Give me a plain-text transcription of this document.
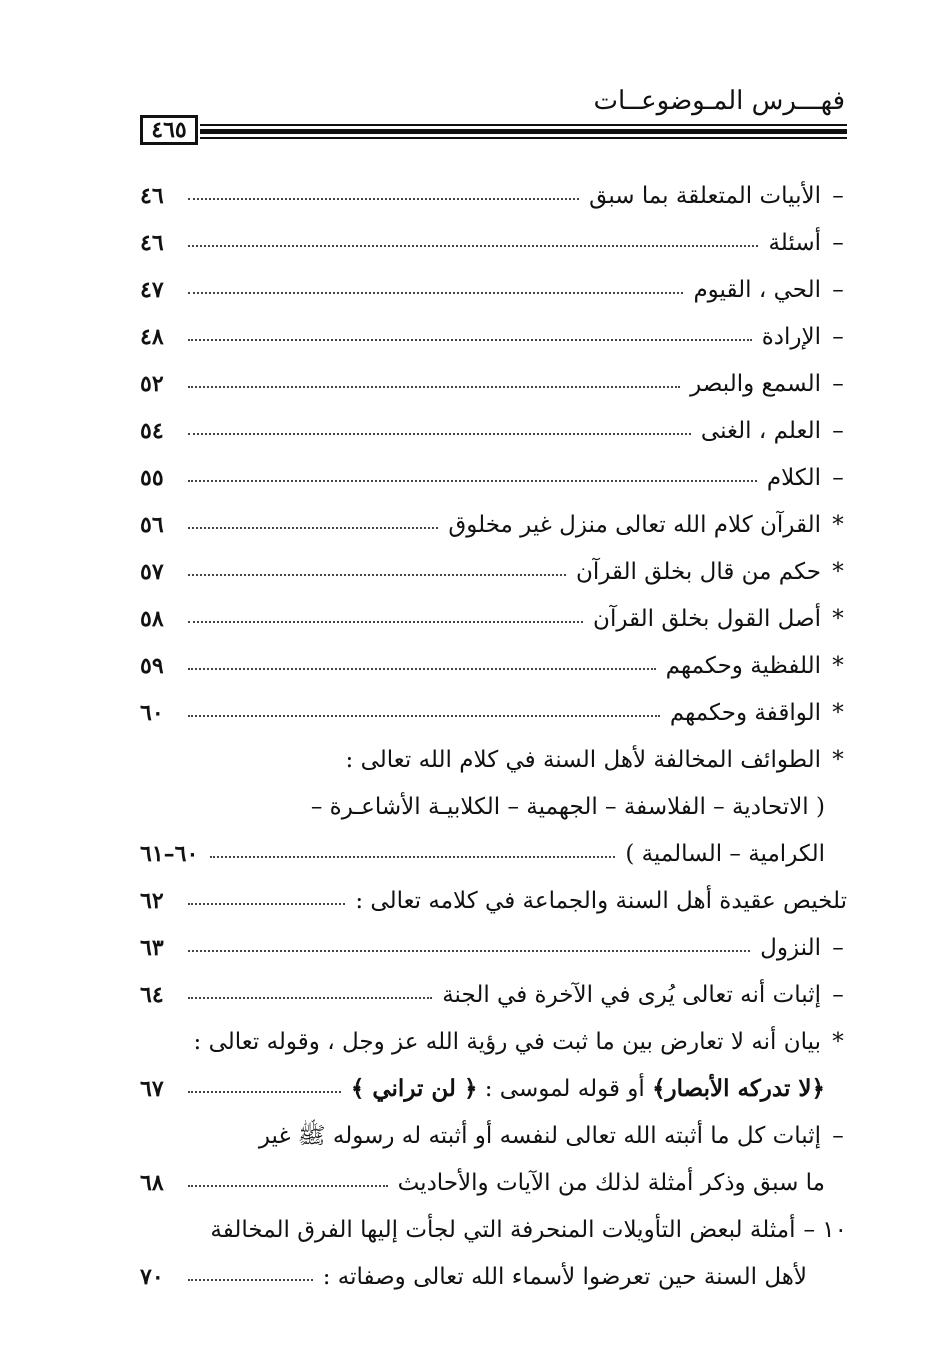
فهـــرس المـوضوعــات
٤٦٥
–
الأبيات المتعلقة بما سبق
٤٦
–
أسئلة
٤٦
–
الحي ، القيوم
٤٧
–
الإرادة
٤٨
–
السمع والبصر
٥٢
–
العلم ، الغنى
٥٤
–
الكلام
٥٥
*
القرآن كلام الله تعالى منزل غير مخلوق
٥٦
*
حكم من قال بخلق القرآن
٥٧
*
أصل القول بخلق القرآن
٥٨
*
اللفظية وحكمهم
٥٩
*
الواقفة وحكمهم
٦٠
*
الطوائف المخالفة لأهل السنة في كلام الله تعالى :
( الاتحادية – الفلاسفة – الجهمية – الكلابيـة الأشاعـرة –
الكرامية – السالمية )
٦٠–٦١
تلخيص عقيدة أهل السنة والجماعة في كلامه تعالى :
٦٢
–
النزول
٦٣
–
إثبات أنه تعالى يُرى في الآخرة في الجنة
٦٤
*
بيان أنه لا تعارض بين ما ثبت في رؤية الله عز وجل ، وقوله تعالى :
﴿لا تدركه الأبصار﴾ أو قوله لموسى : ﴿ لن تراني ﴾
٦٧
–
إثبات كل ما أثبته الله تعالى لنفسه أو أثبته له رسوله ﷺ غير
ما سبق وذكر أمثلة لذلك من الآيات والأحاديث
٦٨
١٠ –
أمثلة لبعض التأويلات المنحرفة التي لجأت إليها الفرق المخالفة
لأهل السنة حين تعرضوا لأسماء الله تعالى وصفاته :
٧٠
